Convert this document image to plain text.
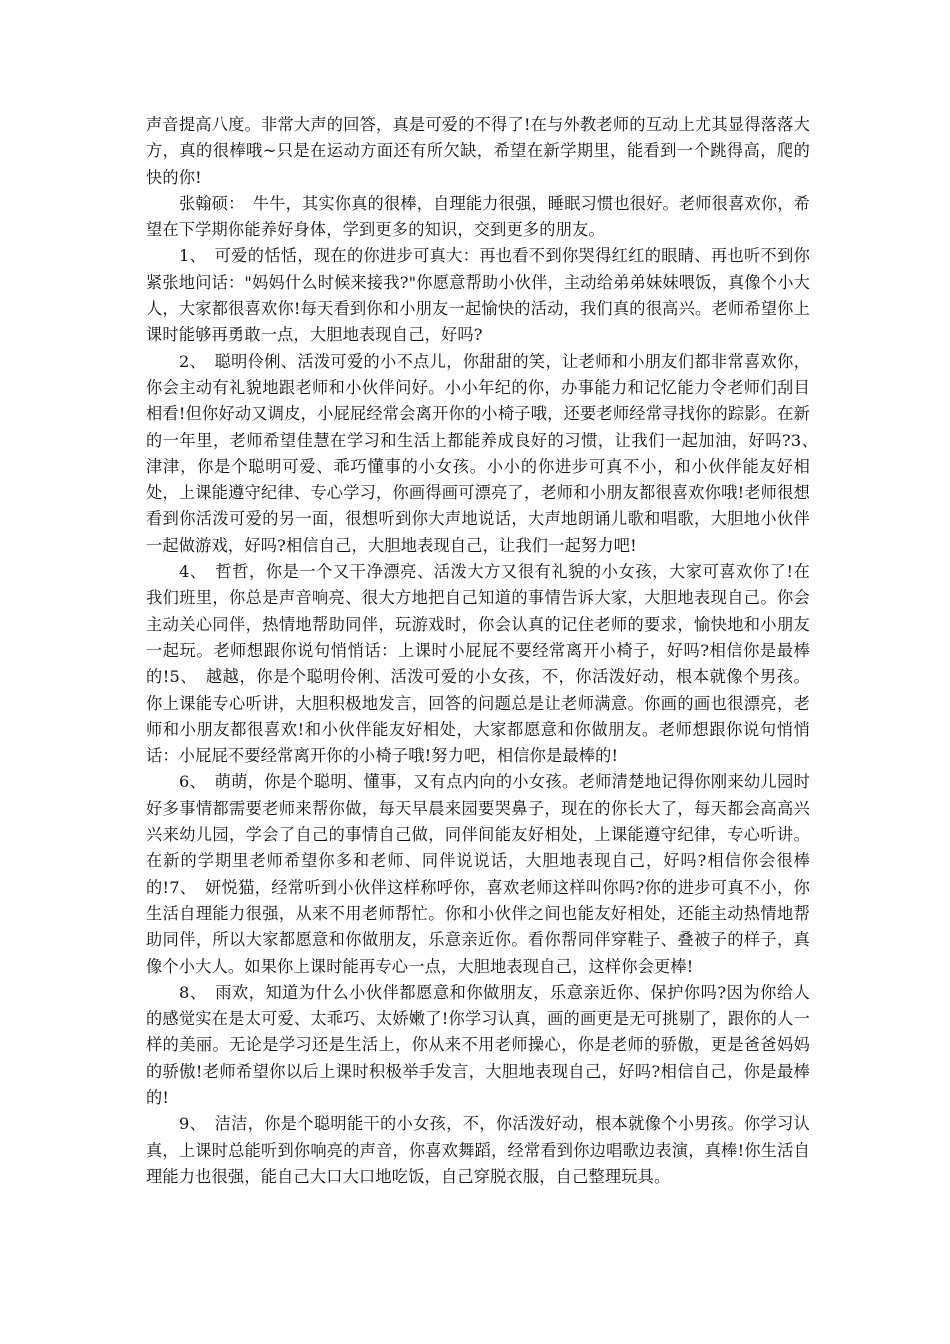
声音提高八度。非常大声的回答，真是可爱的不得了!在与外教老师的互动上尤其显得落落大方，真的很棒哦~只是在运动方面还有所欠缺，希望在新学期里，能看到一个跳得高，爬的快的你!

张翰硕：　牛牛，其实你真的很棒，自理能力很强，睡眠习惯也很好。老师很喜欢你，希望在下学期你能养好身体，学到更多的知识，交到更多的朋友。

1、　可爱的恬恬，现在的你进步可真大：再也看不到你哭得红红的眼睛、再也听不到你紧张地问话："妈妈什么时候来接我?"你愿意帮助小伙伴，主动给弟弟妹妹喂饭，真像个小大人，大家都很喜欢你!每天看到你和小朋友一起愉快的活动，我们真的很高兴。老师希望你上课时能够再勇敢一点，大胆地表现自己，好吗?

2、　聪明伶俐、活泼可爱的小不点儿，你甜甜的笑，让老师和小朋友们都非常喜欢你，你会主动有礼貌地跟老师和小伙伴问好。小小年纪的你，办事能力和记忆能力令老师们刮目相看!但你好动又调皮，小屁屁经常会离开你的小椅子哦，还要老师经常寻找你的踪影。在新的一年里，老师希望佳慧在学习和生活上都能养成良好的习惯，让我们一起加油，好吗?3、　津津，你是个聪明可爱、乖巧懂事的小女孩。小小的你进步可真不小，和小伙伴能友好相处，上课能遵守纪律、专心学习，你画得画可漂亮了，老师和小朋友都很喜欢你哦!老师很想看到你活泼可爱的另一面，很想听到你大声地说话，大声地朗诵儿歌和唱歌，大胆地小伙伴一起做游戏，好吗?相信自己，大胆地表现自己，让我们一起努力吧!

4、　哲哲，你是一个又干净漂亮、活泼大方又很有礼貌的小女孩，大家可喜欢你了!在我们班里，你总是声音响亮、很大方地把自己知道的事情告诉大家，大胆地表现自己。你会主动关心同伴，热情地帮助同伴，玩游戏时，你会认真的记住老师的要求，愉快地和小朋友一起玩。老师想跟你说句悄悄话：上课时小屁屁不要经常离开小椅子，好吗?相信你是最棒的!5、　越越，你是个聪明伶俐、活泼可爱的小女孩，不，你活泼好动，根本就像个男孩。你上课能专心听讲，大胆积极地发言，回答的问题总是让老师满意。你画的画也很漂亮，老师和小朋友都很喜欢!和小伙伴能友好相处，大家都愿意和你做朋友。老师想跟你说句悄悄话：小屁屁不要经常离开你的小椅子哦!努力吧，相信你是最棒的!

6、　萌萌，你是个聪明、懂事，又有点内向的小女孩。老师清楚地记得你刚来幼儿园时好多事情都需要老师来帮你做，每天早晨来园要哭鼻子，现在的你长大了，每天都会高高兴兴来幼儿园，学会了自己的事情自己做，同伴间能友好相处，上课能遵守纪律，专心听讲。在新的学期里老师希望你多和老师、同伴说说话，大胆地表现自己，好吗?相信你会很棒的!7、　妍悦猫，经常听到小伙伴这样称呼你，喜欢老师这样叫你吗?你的进步可真不小，你生活自理能力很强，从来不用老师帮忙。你和小伙伴之间也能友好相处，还能主动热情地帮助同伴，所以大家都愿意和你做朋友，乐意亲近你。看你帮同伴穿鞋子、叠被子的样子，真像个小大人。如果你上课时能再专心一点，大胆地表现自己，这样你会更棒!

8、　雨欢，知道为什么小伙伴都愿意和你做朋友，乐意亲近你、保护你吗?因为你给人的感觉实在是太可爱、太乖巧、太娇嫩了!你学习认真，画的画更是无可挑剔了，跟你的人一样的美丽。无论是学习还是生活上，你从来不用老师操心，你是老师的骄傲，更是爸爸妈妈的骄傲!老师希望你以后上课时积极举手发言，大胆地表现自己，好吗?相信自己，你是最棒的!

9、　洁洁，你是个聪明能干的小女孩，不，你活泼好动，根本就像个小男孩。你学习认真，上课时总能听到你响亮的声音，你喜欢舞蹈，经常看到你边唱歌边表演，真棒!你生活自理能力也很强，能自己大口大口地吃饭，自己穿脱衣服，自己整理玩具。
